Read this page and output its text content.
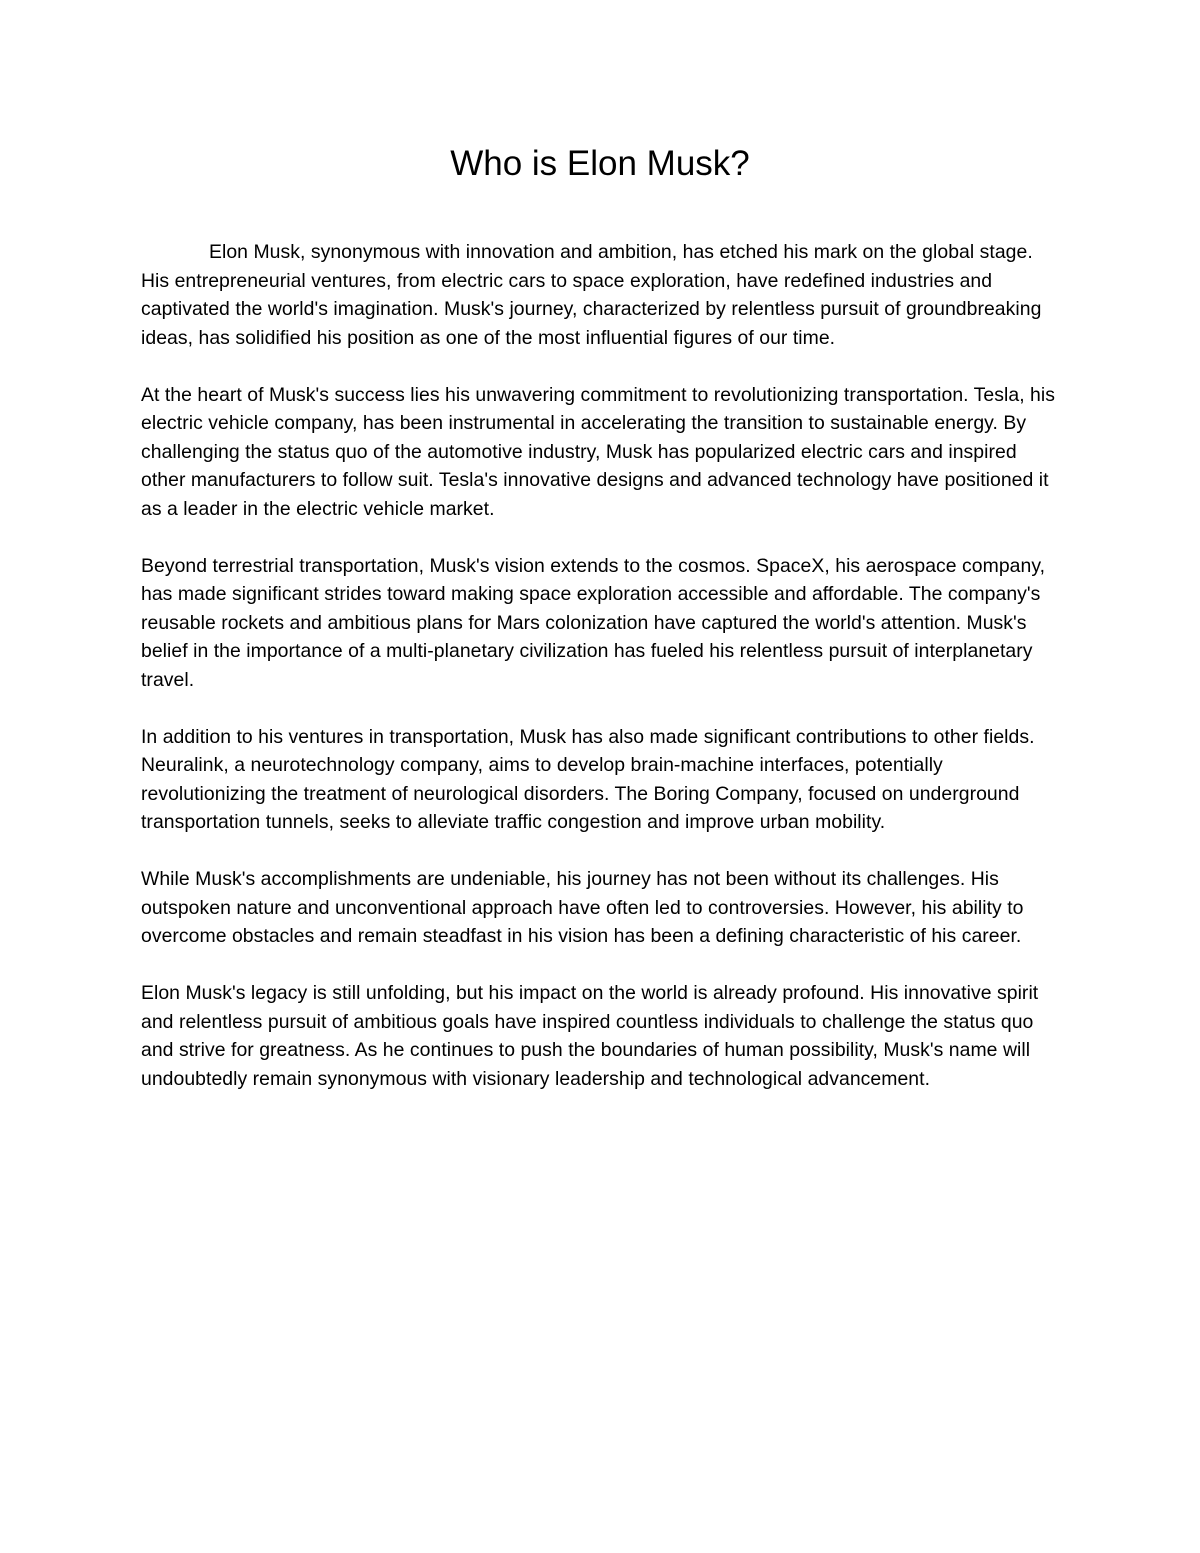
Who is Elon Musk?

Elon Musk, synonymous with innovation and ambition, has etched his mark on the global stage. His entrepreneurial ventures, from electric cars to space exploration, have redefined industries and captivated the world's imagination. Musk's journey, characterized by relentless pursuit of groundbreaking ideas, has solidified his position as one of the most influential figures of our time.

At the heart of Musk's success lies his unwavering commitment to revolutionizing transportation. Tesla, his electric vehicle company, has been instrumental in accelerating the transition to sustainable energy. By challenging the status quo of the automotive industry, Musk has popularized electric cars and inspired other manufacturers to follow suit. Tesla's innovative designs and advanced technology have positioned it as a leader in the electric vehicle market.

Beyond terrestrial transportation, Musk's vision extends to the cosmos. SpaceX, his aerospace company, has made significant strides toward making space exploration accessible and affordable. The company's reusable rockets and ambitious plans for Mars colonization have captured the world's attention. Musk's belief in the importance of a multi-planetary civilization has fueled his relentless pursuit of interplanetary travel.

In addition to his ventures in transportation, Musk has also made significant contributions to other fields. Neuralink, a neurotechnology company, aims to develop brain-machine interfaces, potentially revolutionizing the treatment of neurological disorders. The Boring Company, focused on underground transportation tunnels, seeks to alleviate traffic congestion and improve urban mobility.

While Musk's accomplishments are undeniable, his journey has not been without its challenges. His outspoken nature and unconventional approach have often led to controversies. However, his ability to overcome obstacles and remain steadfast in his vision has been a defining characteristic of his career.

Elon Musk's legacy is still unfolding, but his impact on the world is already profound. His innovative spirit and relentless pursuit of ambitious goals have inspired countless individuals to challenge the status quo and strive for greatness. As he continues to push the boundaries of human possibility, Musk's name will undoubtedly remain synonymous with visionary leadership and technological advancement.
